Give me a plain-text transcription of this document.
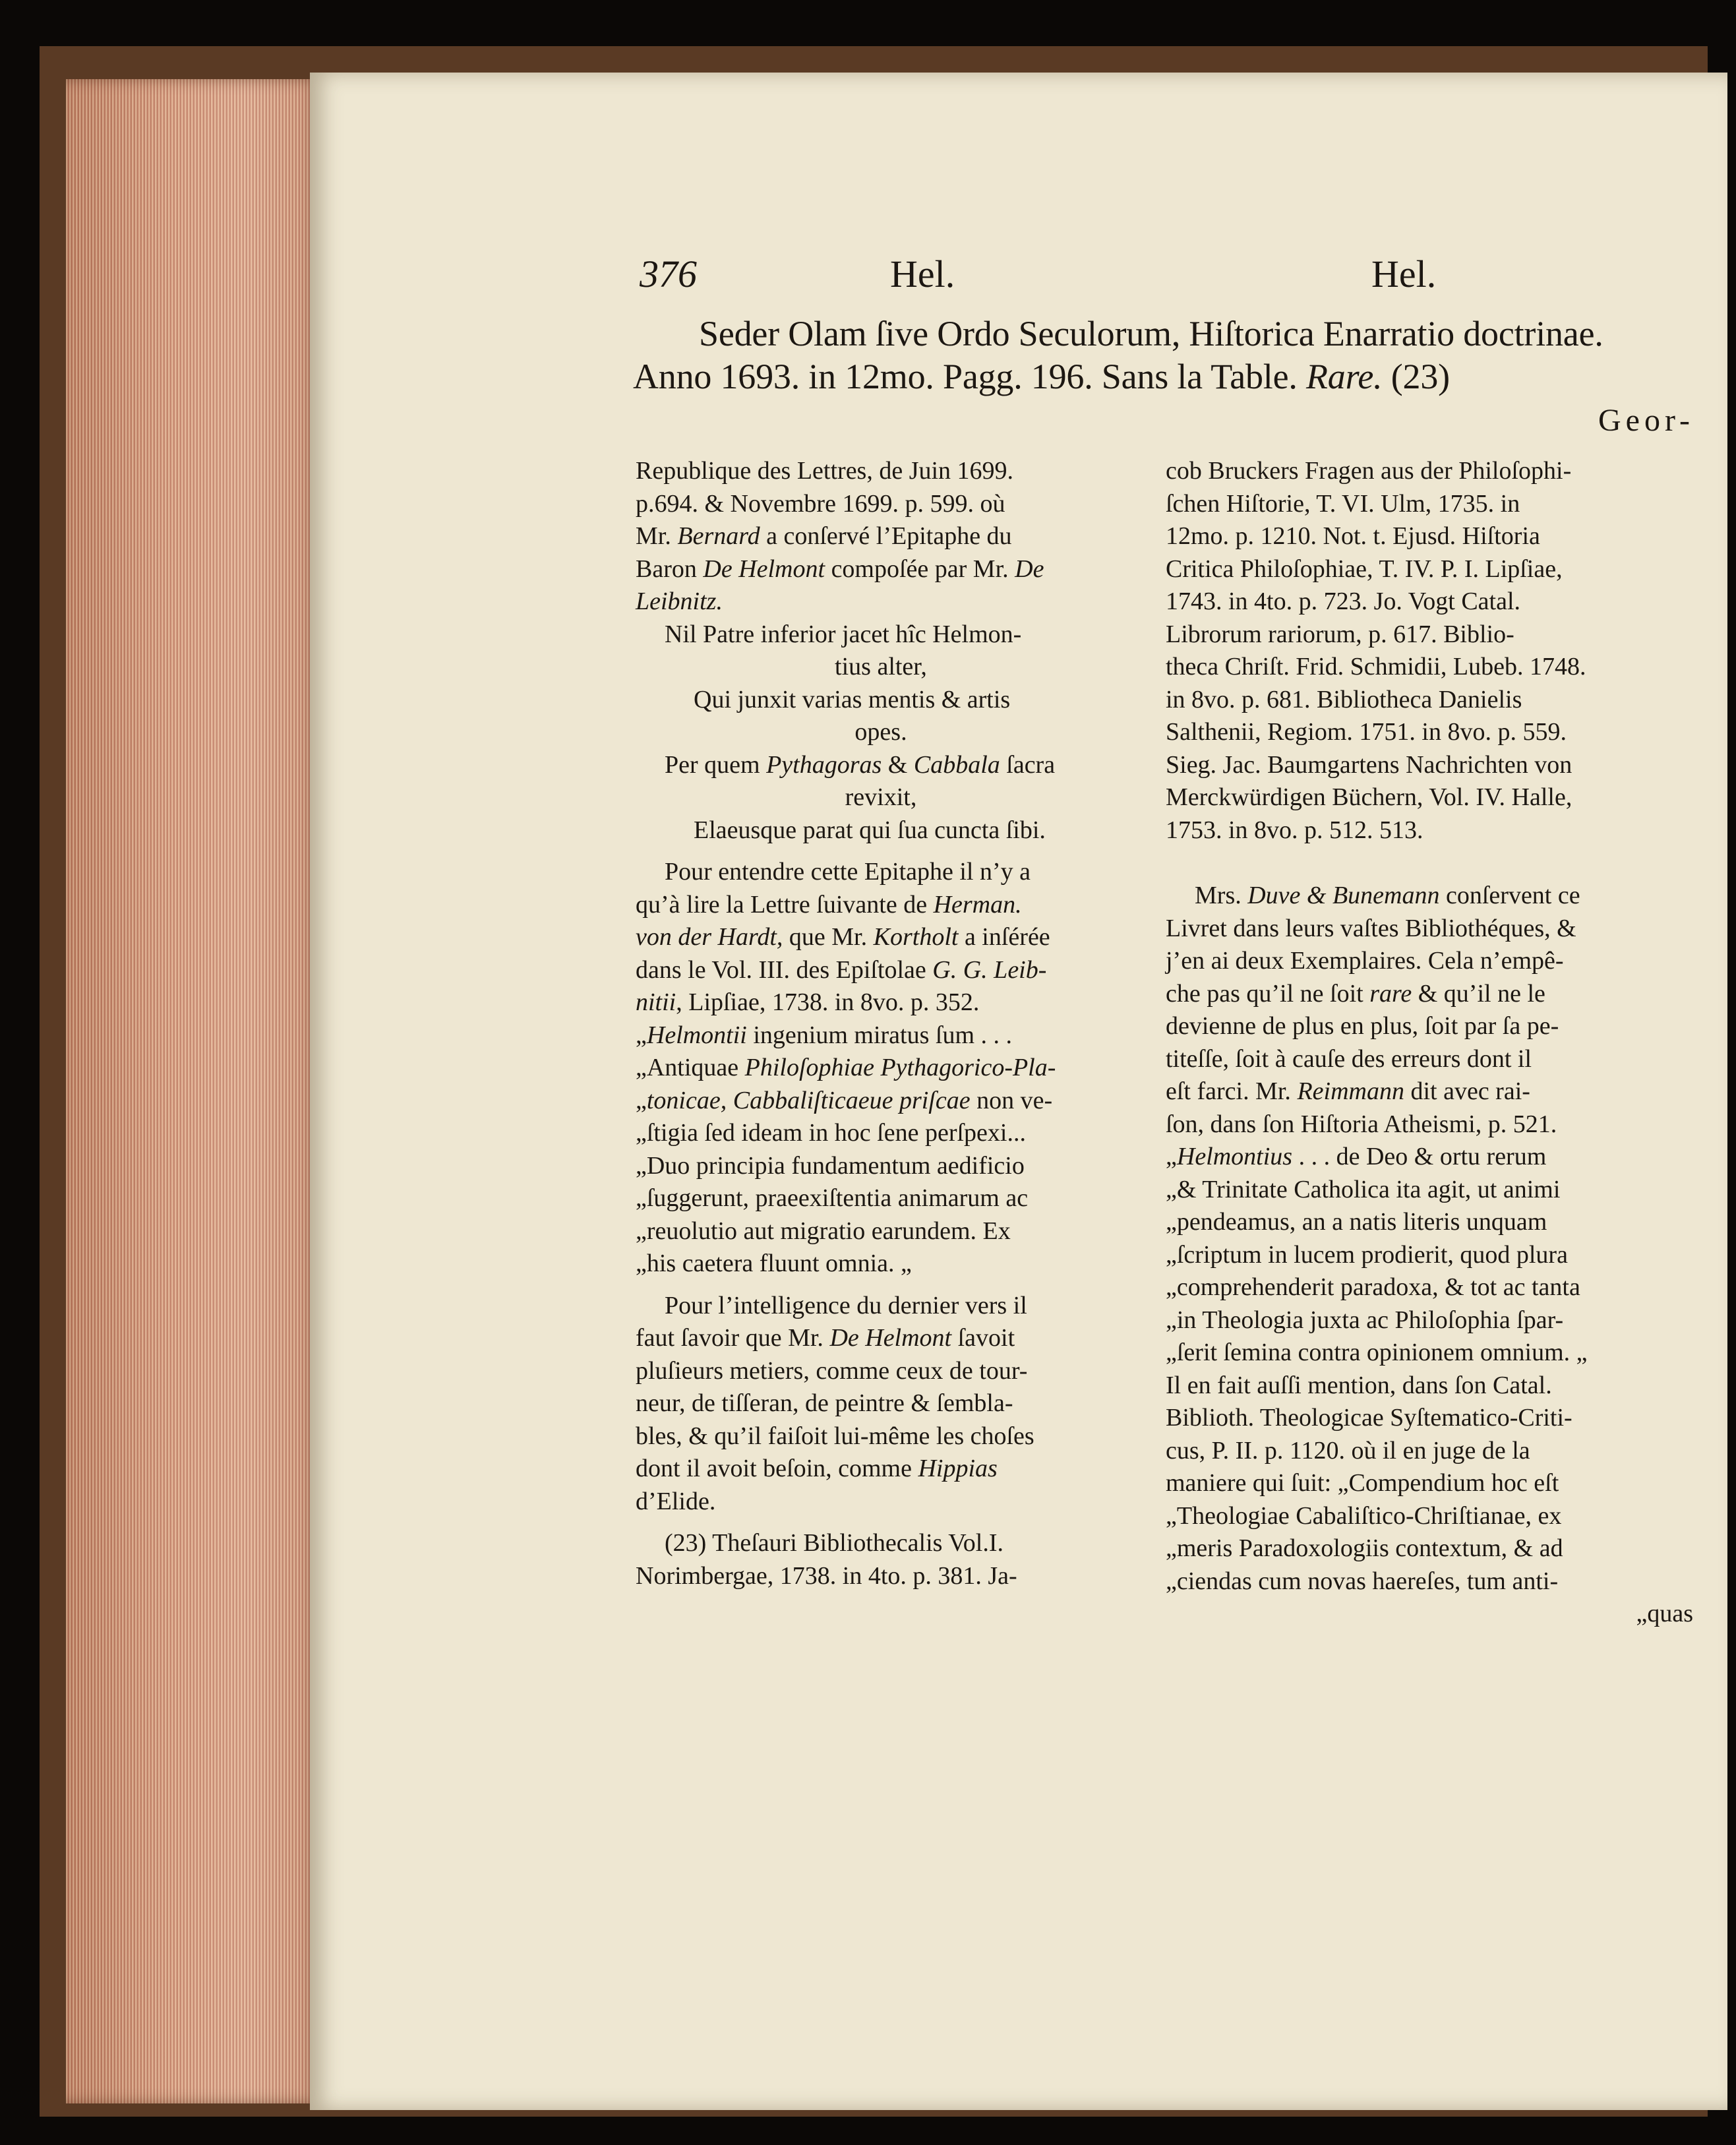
376	Hel.	Hel.
Seder Olam ſive Ordo Seculorum, Hiſtorica Enarratio doctrinae.
Anno 1693. in 12mo. Pagg. 196. Sans la Table. Rare. (23)
Geor-
Republique des Lettres, de Juin 1699.
p.694. & Novembre 1699. p. 599. où
Mr. Bernard a conſervé l’Epitaphe du
Baron De Helmont compoſée par Mr. De
Leibnitz.
Nil Patre inferior jacet hîc Helmon-
tius alter,
Qui junxit varias mentis & artis
opes.
Per quem Pythagoras & Cabbala ſacra
revixit,
Elaeusque parat qui ſua cuncta ſibi.
Pour entendre cette Epitaphe il n’y a
qu’à lire la Lettre ſuivante de Herman.
von der Hardt, que Mr. Kortholt a inſérée
dans le Vol. III. des Epiſtolae G. G. Leib-
nitii, Lipſiae, 1738. in 8vo. p. 352.
„Helmontii ingenium miratus ſum . . .
„Antiquae Philoſophiae Pythagorico-Pla-
„tonicae, Cabbaliſticaeue priſcae non ve-
„ſtigia ſed ideam in hoc ſene perſpexi...
„Duo principia fundamentum aedificio
„ſuggerunt, praeexiſtentia animarum ac
„reuolutio aut migratio earundem. Ex
„his caetera fluunt omnia. „
Pour l’intelligence du dernier vers il
faut ſavoir que Mr. De Helmont ſavoit
pluſieurs metiers, comme ceux de tour-
neur, de tiſſeran, de peintre & ſembla-
bles, & qu’il faiſoit lui-même les choſes
dont il avoit beſoin, comme Hippias
d’Elide.
(23) Theſauri Bibliothecalis Vol.I.
Norimbergae, 1738. in 4to. p. 381. Ja-
cob Bruckers Fragen aus der Philoſophi-
ſchen Hiſtorie, T. VI. Ulm, 1735. in
12mo. p. 1210. Not. t. Ejusd. Hiſtoria
Critica Philoſophiae, T. IV. P. I. Lipſiae,
1743. in 4to. p. 723. Jo. Vogt Catal.
Librorum rariorum, p. 617. Biblio-
theca Chriſt. Frid. Schmidii, Lubeb. 1748.
in 8vo. p. 681. Bibliotheca Danielis
Salthenii, Regiom. 1751. in 8vo. p. 559.
Sieg. Jac. Baumgartens Nachrichten von
Merckwürdigen Büchern, Vol. IV. Halle,
1753. in 8vo. p. 512. 513.
Mrs. Duve & Bunemann conſervent ce
Livret dans leurs vaſtes Bibliothéques, &
j’en ai deux Exemplaires. Cela n’empê-
che pas qu’il ne ſoit rare & qu’il ne le
devienne de plus en plus, ſoit par ſa pe-
titeſſe, ſoit à cauſe des erreurs dont il
eſt farci. Mr. Reimmann dit avec rai-
ſon, dans ſon Hiſtoria Atheismi, p. 521.
„Helmontius . . . de Deo & ortu rerum
„& Trinitate Catholica ita agit, ut animi
„pendeamus, an a natis literis unquam
„ſcriptum in lucem prodierit, quod plura
„comprehenderit paradoxa, & tot ac tanta
„in Theologia juxta ac Philoſophia ſpar-
„ſerit ſemina contra opinionem omnium. „
Il en fait auſſi mention, dans ſon Catal.
Biblioth. Theologicae Syſtematico-Criti-
cus, P. II. p. 1120. où il en juge de la
maniere qui ſuit: „Compendium hoc eſt
„Theologiae Cabaliſtico-Chriſtianae, ex
„meris Paradoxologiis contextum, & ad
„ciendas cum novas haereſes, tum anti-
„quas
